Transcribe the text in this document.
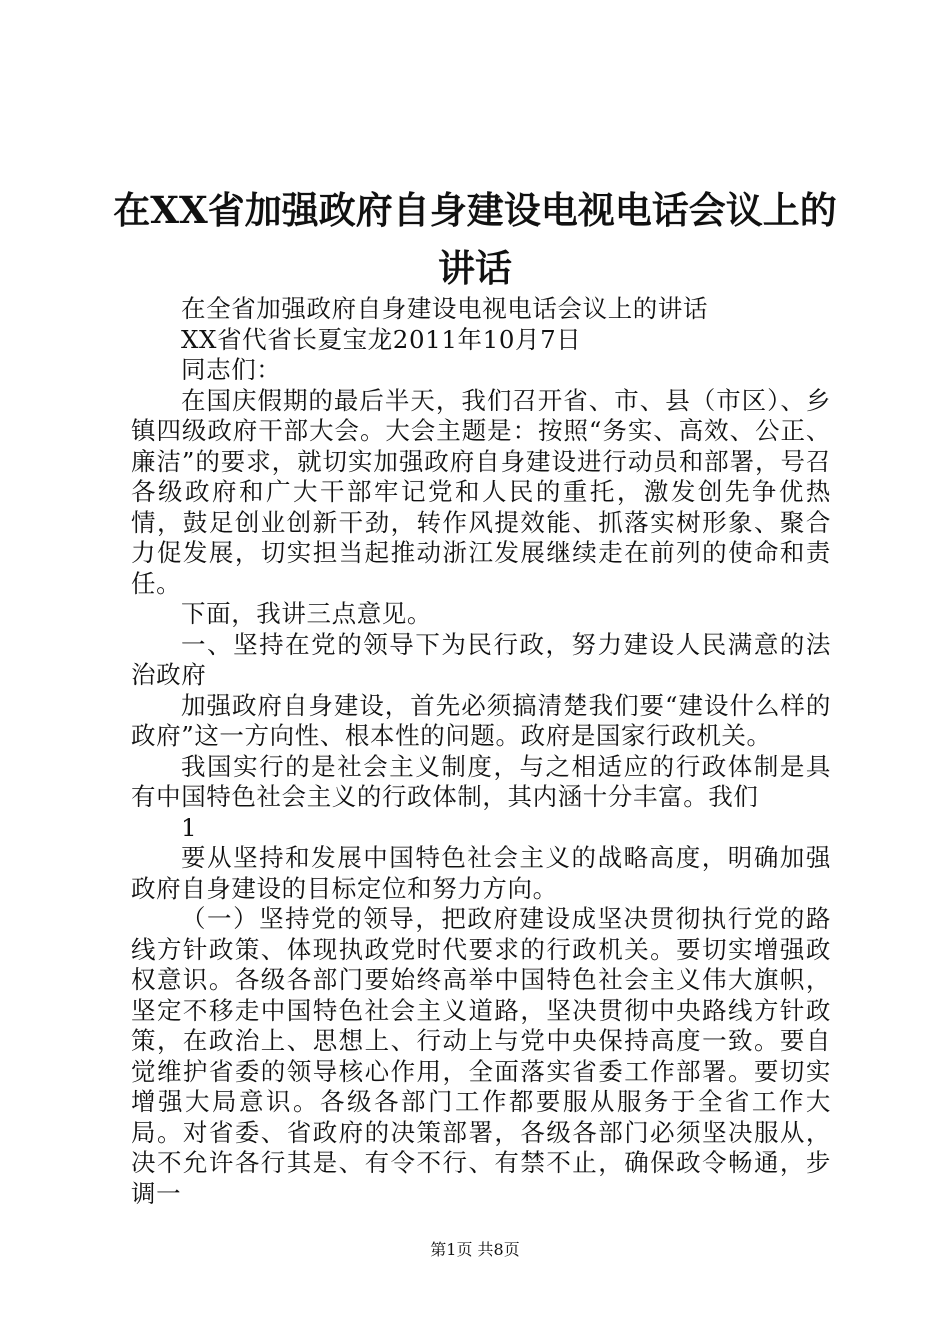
在XX省加强政府自身建设电视电话会议上的
讲话

在全省加强政府自身建设电视电话会议上的讲话

XX省代省长夏宝龙2011年10月7日

同志们：

在国庆假期的最后半天，我们召开省、市、县（市区）、乡镇四级政府干部大会。大会主题是：按照“务实、高效、公正、廉洁”的要求，就切实加强政府自身建设进行动员和部署，号召各级政府和广大干部牢记党和人民的重托，激发创先争优热情，鼓足创业创新干劲，转作风提效能、抓落实树形象、聚合力促发展，切实担当起推动浙江发展继续走在前列的使命和责任。

下面，我讲三点意见。

一、坚持在党的领导下为民行政，努力建设人民满意的法治政府

加强政府自身建设，首先必须搞清楚我们要“建设什么样的政府”这一方向性、根本性的问题。政府是国家行政机关。

我国实行的是社会主义制度，与之相适应的行政体制是具有中国特色社会主义的行政体制，其内涵十分丰富。我们

1

要从坚持和发展中国特色社会主义的战略高度，明确加强政府自身建设的目标定位和努力方向。

（一）坚持党的领导，把政府建设成坚决贯彻执行党的路线方针政策、体现执政党时代要求的行政机关。要切实增强政权意识。各级各部门要始终高举中国特色社会主义伟大旗帜，坚定不移走中国特色社会主义道路，坚决贯彻中央路线方针政策，在政治上、思想上、行动上与党中央保持高度一致。要自觉维护省委的领导核心作用，全面落实省委工作部署。要切实增强大局意识。各级各部门工作都要服从服务于全省工作大局。对省委、省政府的决策部署，各级各部门必须坚决服从，决不允许各行其是、有令不行、有禁不止，确保政令畅通，步调一

第1页 共8页
